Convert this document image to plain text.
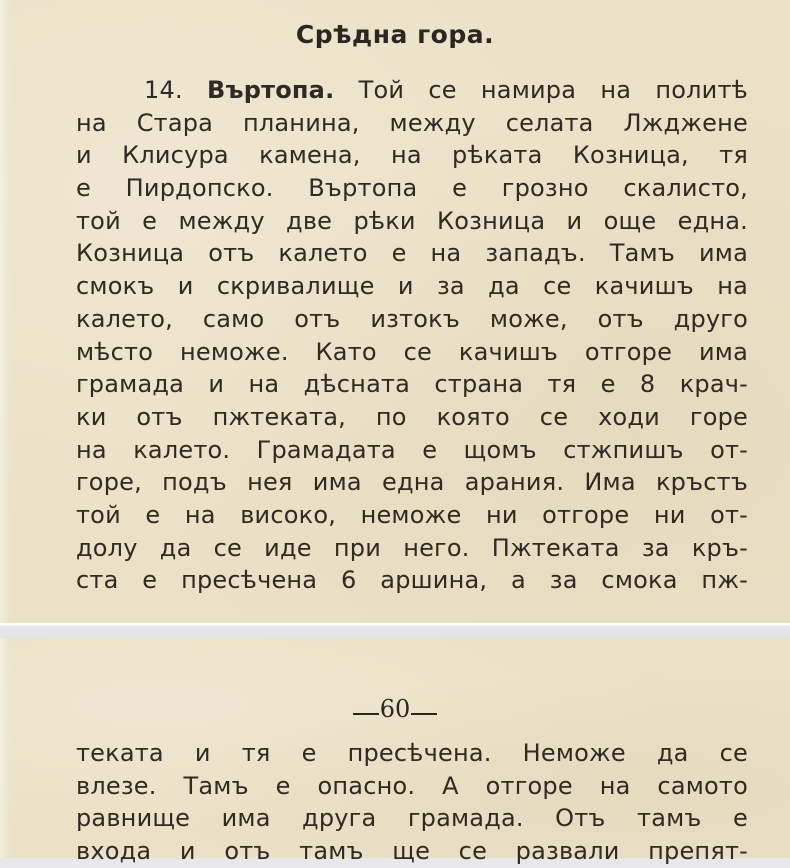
Срѣдна гора.
14. Въртопа. Той се намира на политѣ
на Стара планина, между селата Лжджене
и Клисура камена, на рѣката Козница, тя
е Пирдопско. Въртопа е грозно скалисто,
той е между две рѣки Козница и още една.
Козница отъ калето е на западъ. Тамъ има
смокъ и скривалище и за да се качишъ на
калето, само отъ изтокъ може, отъ друго
мѣсто неможе. Като се качишъ отгоре има
грамада и на дѣсната страна тя е 8 крач-
ки отъ пжтеката, по която се ходи горе
на калето. Грамадата е щомъ стжпишъ от-
горе, подъ нея има една арания. Има кръстъ
той е на високо, неможе ни отгоре ни от-
долу да се иде при него. Пжтеката за кръ-
ста е пресѣчена 6 аршина, а за смока пж-
60
теката и тя е пресѣчена. Неможе да се
влезе. Тамъ е опасно. А отгоре на самото
равнище има друга грамада. Отъ тамъ е
входа и отъ тамъ ще се развали препят-
